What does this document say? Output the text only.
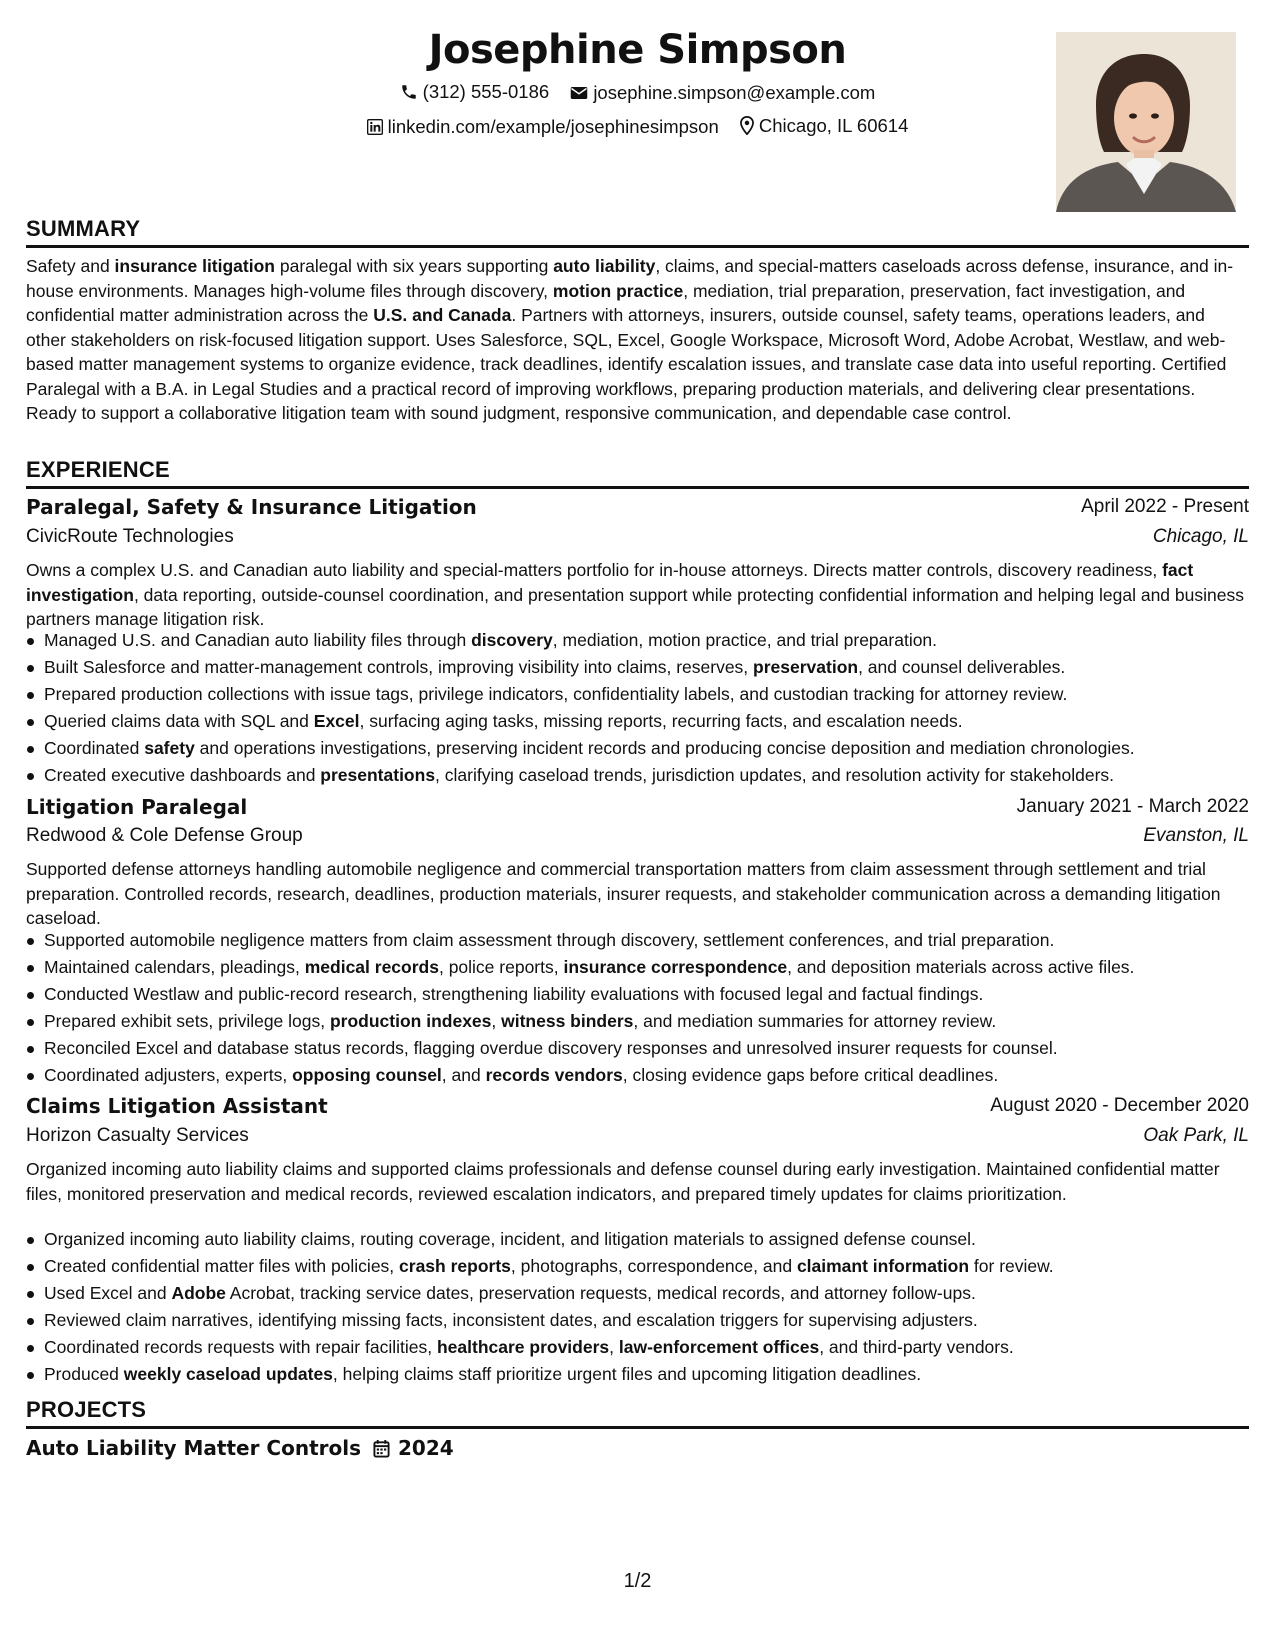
Josephine Simpson
(312) 555-0186
josephine.simpson@example.com
linkedin.com/example/josephinesimpson
Chicago, IL 60614
SUMMARY
Safety and insurance litigation paralegal with six years supporting auto liability, claims, and special-matters caseloads across defense, insurance, and in-house environments. Manages high-volume files through discovery, motion practice, mediation, trial preparation, preservation, fact investigation, and confidential matter administration across the U.S. and Canada. Partners with attorneys, insurers, outside counsel, safety teams, operations leaders, and other stakeholders on risk-focused litigation support. Uses Salesforce, SQL, Excel, Google Workspace, Microsoft Word, Adobe Acrobat, Westlaw, and web-based matter management systems to organize evidence, track deadlines, identify escalation issues, and translate case data into useful reporting. Certified Paralegal with a B.A. in Legal Studies and a practical record of improving workflows, preparing production materials, and delivering clear presentations. Ready to support a collaborative litigation team with sound judgment, responsive communication, and dependable case control.
EXPERIENCE
Paralegal, Safety & Insurance Litigation	April 2022 - Present
CivicRoute Technologies	Chicago, IL
Owns a complex U.S. and Canadian auto liability and special-matters portfolio for in-house attorneys. Directs matter controls, discovery readiness, fact investigation, data reporting, outside-counsel coordination, and presentation support while protecting confidential information and helping legal and business partners manage litigation risk.
Managed U.S. and Canadian auto liability files through discovery, mediation, motion practice, and trial preparation.
Built Salesforce and matter-management controls, improving visibility into claims, reserves, preservation, and counsel deliverables.
Prepared production collections with issue tags, privilege indicators, confidentiality labels, and custodian tracking for attorney review.
Queried claims data with SQL and Excel, surfacing aging tasks, missing reports, recurring facts, and escalation needs.
Coordinated safety and operations investigations, preserving incident records and producing concise deposition and mediation chronologies.
Created executive dashboards and presentations, clarifying caseload trends, jurisdiction updates, and resolution activity for stakeholders.
Litigation Paralegal	January 2021 - March 2022
Redwood & Cole Defense Group	Evanston, IL
Supported defense attorneys handling automobile negligence and commercial transportation matters from claim assessment through settlement and trial preparation. Controlled records, research, deadlines, production materials, insurer requests, and stakeholder communication across a demanding litigation caseload.
Supported automobile negligence matters from claim assessment through discovery, settlement conferences, and trial preparation.
Maintained calendars, pleadings, medical records, police reports, insurance correspondence, and deposition materials across active files.
Conducted Westlaw and public-record research, strengthening liability evaluations with focused legal and factual findings.
Prepared exhibit sets, privilege logs, production indexes, witness binders, and mediation summaries for attorney review.
Reconciled Excel and database status records, flagging overdue discovery responses and unresolved insurer requests for counsel.
Coordinated adjusters, experts, opposing counsel, and records vendors, closing evidence gaps before critical deadlines.
Claims Litigation Assistant	August 2020 - December 2020
Horizon Casualty Services	Oak Park, IL
Organized incoming auto liability claims and supported claims professionals and defense counsel during early investigation. Maintained confidential matter files, monitored preservation and medical records, reviewed escalation indicators, and prepared timely updates for claims prioritization.
Organized incoming auto liability claims, routing coverage, incident, and litigation materials to assigned defense counsel.
Created confidential matter files with policies, crash reports, photographs, correspondence, and claimant information for review.
Used Excel and Adobe Acrobat, tracking service dates, preservation requests, medical records, and attorney follow-ups.
Reviewed claim narratives, identifying missing facts, inconsistent dates, and escalation triggers for supervising adjusters.
Coordinated records requests with repair facilities, healthcare providers, law-enforcement offices, and third-party vendors.
Produced weekly caseload updates, helping claims staff prioritize urgent files and upcoming litigation deadlines.
PROJECTS
Auto Liability Matter Controls 2024
1/2
